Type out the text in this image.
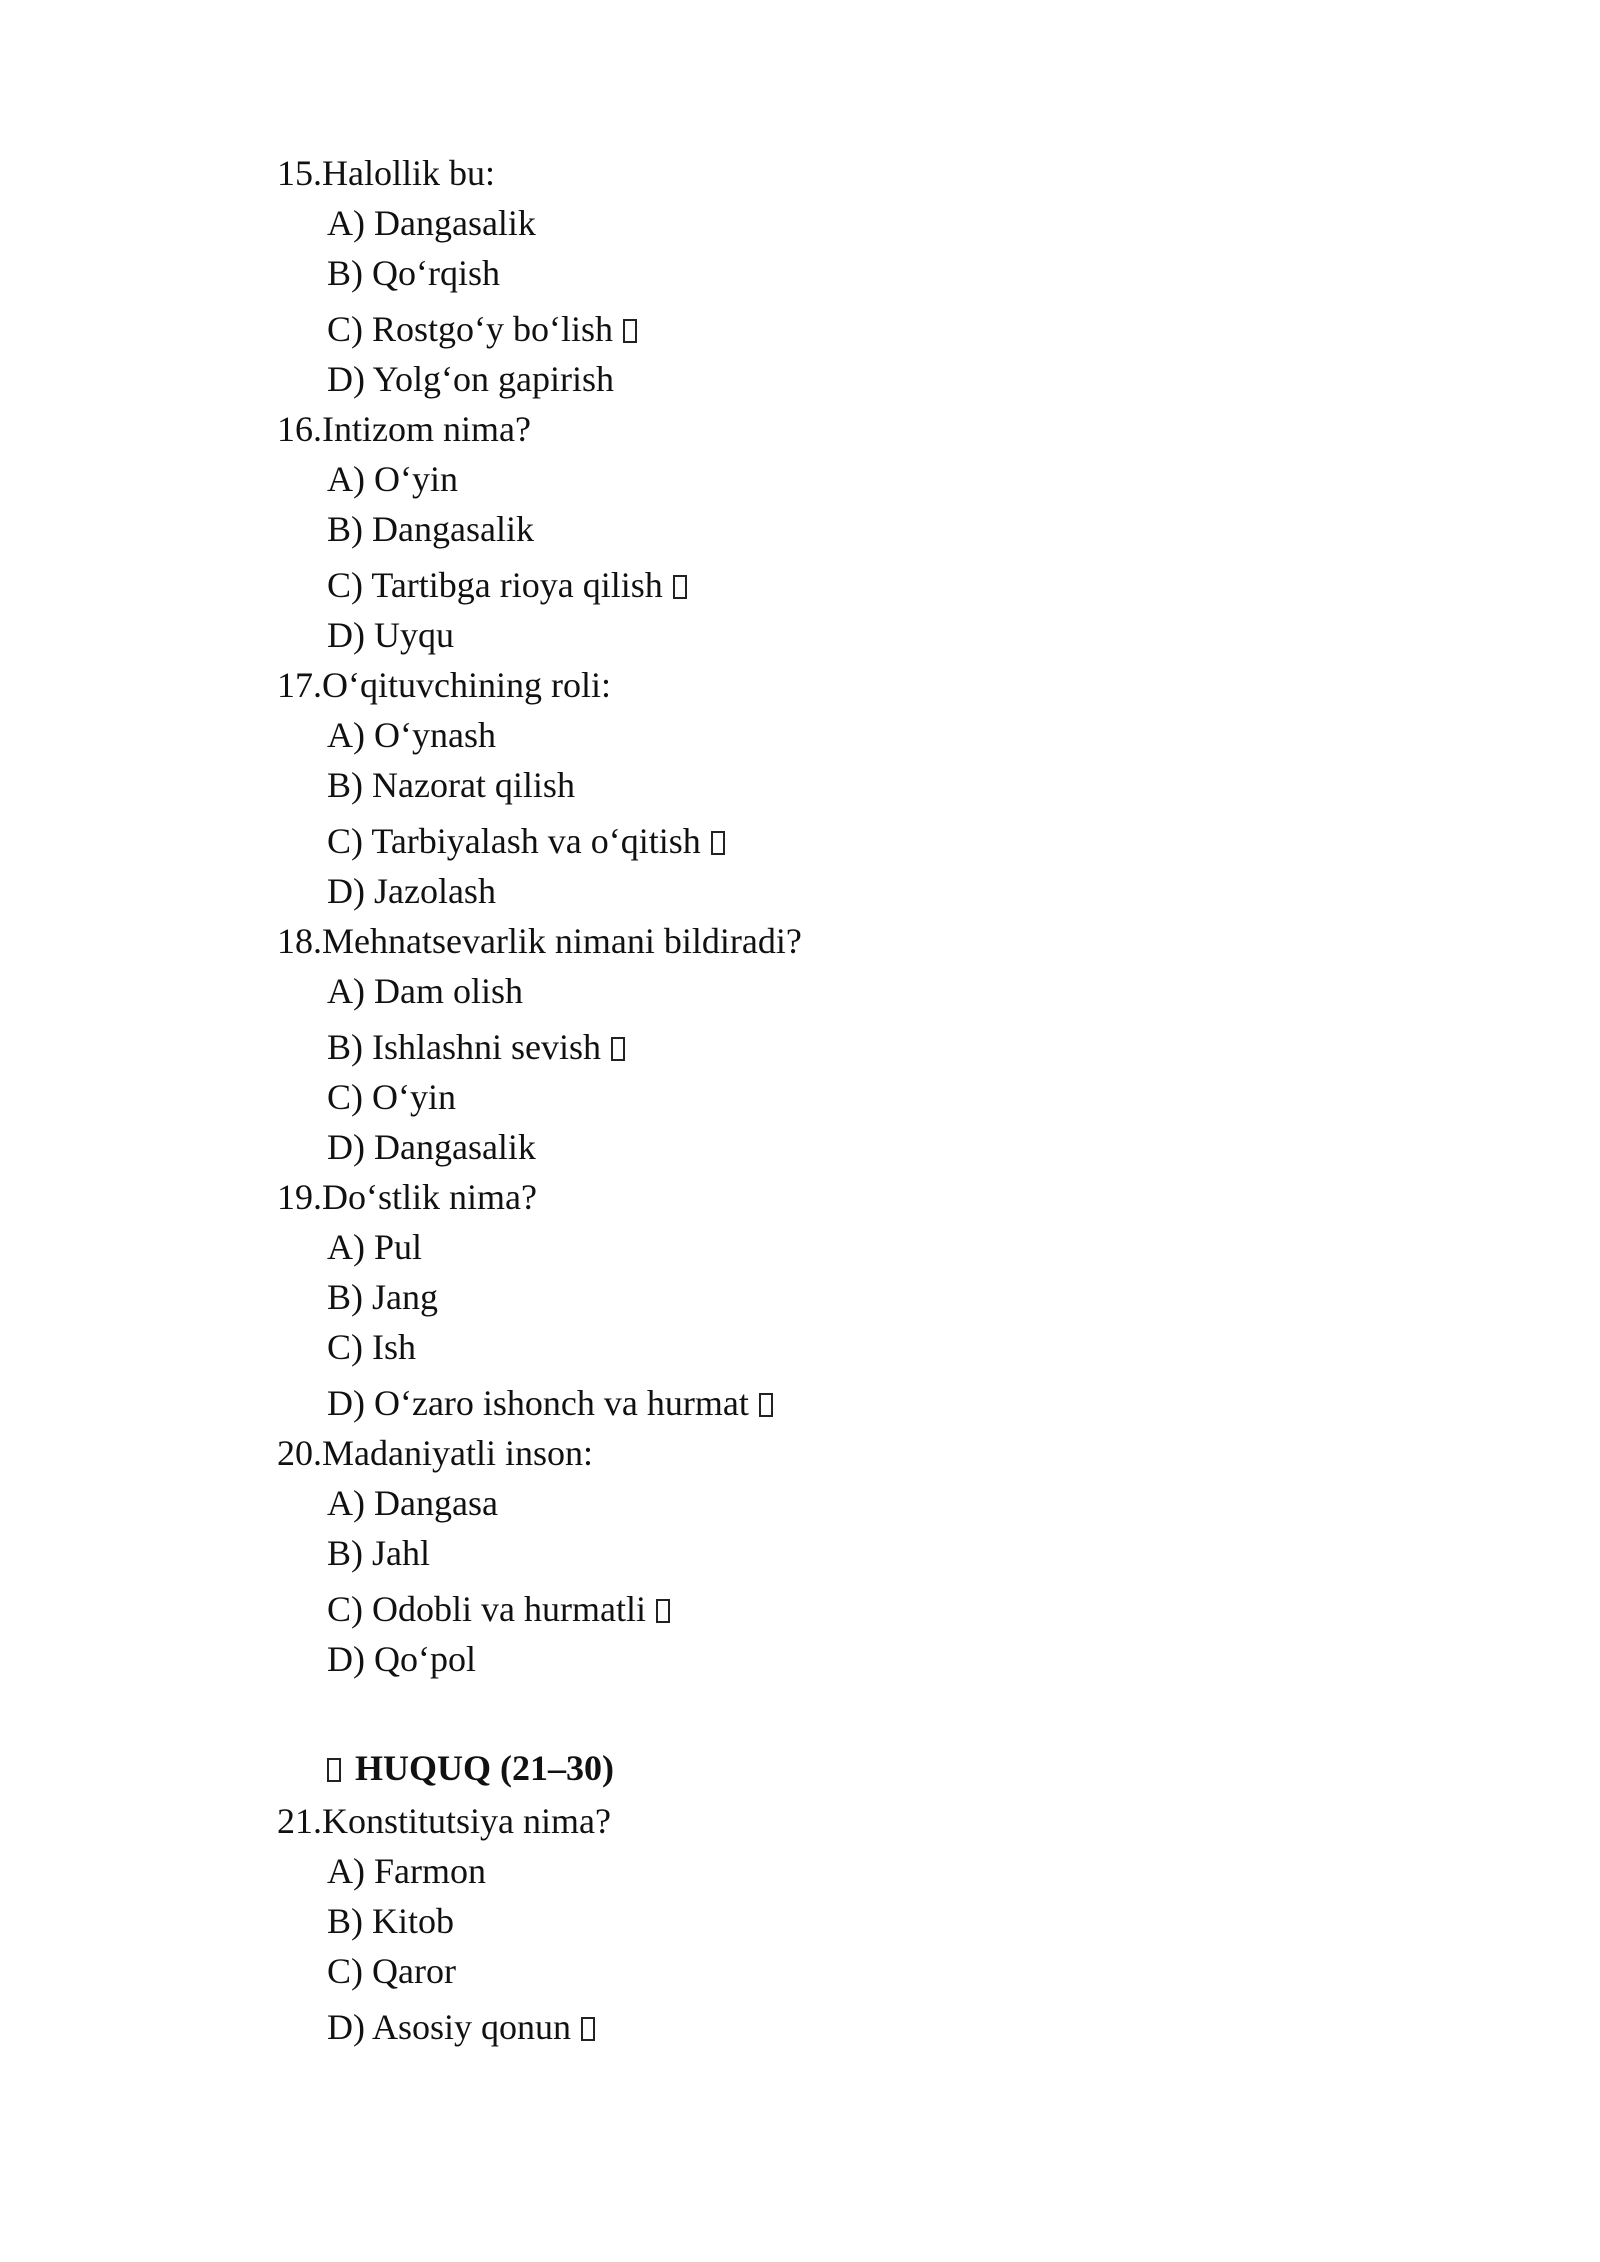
15.Halollik bu:
A) Dangasalik
B) Qo‘rqish
C) Rostgo‘y bo‘lish
D) Yolg‘on gapirish
16.Intizom nima?
A) O‘yin
B) Dangasalik
C) Tartibga rioya qilish
D) Uyqu
17.O‘qituvchining roli:
A) O‘ynash
B) Nazorat qilish
C) Tarbiyalash va o‘qitish
D) Jazolash
18.Mehnatsevarlik nimani bildiradi?
A) Dam olish
B) Ishlashni sevish
C) O‘yin
D) Dangasalik
19.Do‘stlik nima?
A) Pul
B) Jang
C) Ish
D) O‘zaro ishonch va hurmat
20.Madaniyatli inson:
A) Dangasa
B) Jahl
C) Odobli va hurmatli
D) Qo‘pol
HUQUQ (21–30)
21.Konstitutsiya nima?
A) Farmon
B) Kitob
C) Qaror
D) Asosiy qonun
